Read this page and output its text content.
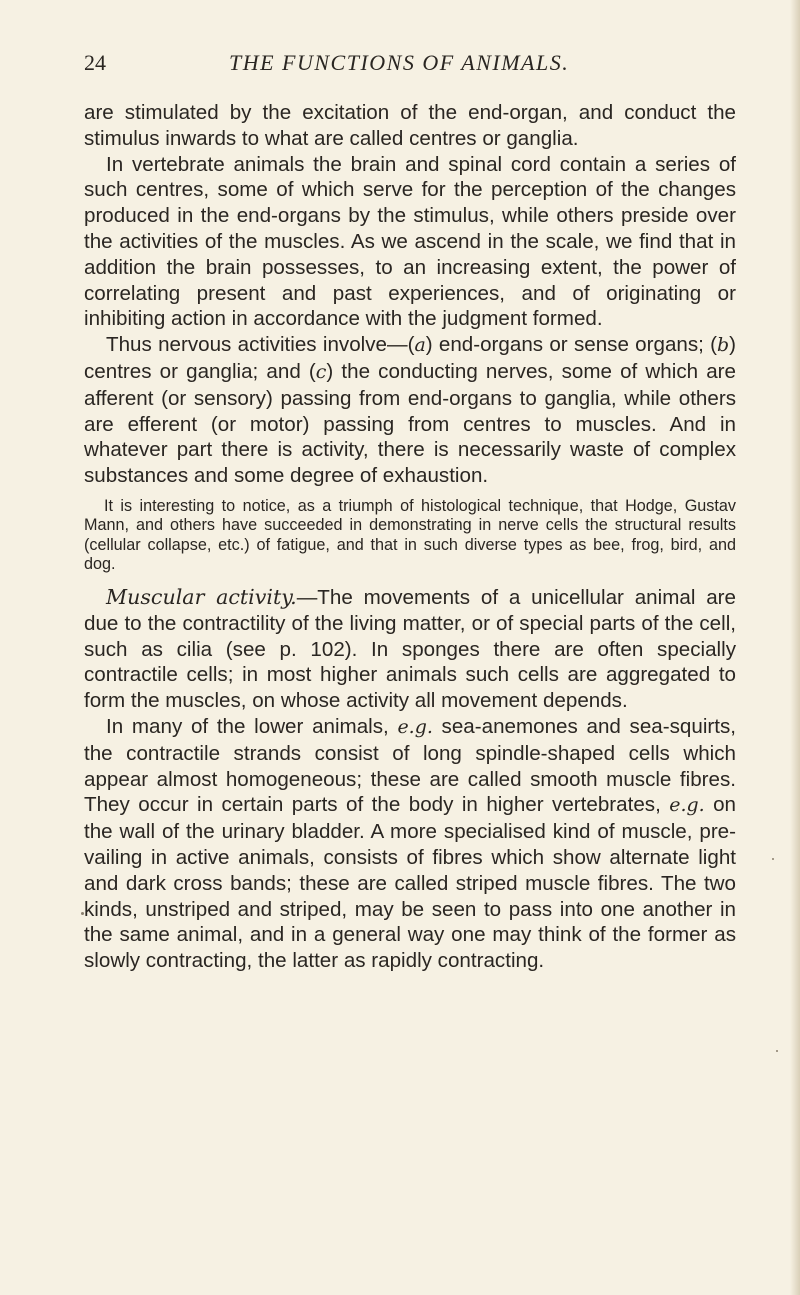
24	THE FUNCTIONS OF ANIMALS.

are stimulated by the excitation of the end-organ, and conduct the stimulus inwards to what are called centres or ganglia.

In vertebrate animals the brain and spinal cord contain a series of such centres, some of which serve for the perception of the changes produced in the end-organs by the stimulus, while others preside over the activities of the muscles. As we ascend in the scale, we find that in addition the brain possesses, to an increasing extent, the power of correlating present and past experiences, and of originating or inhibiting action in accordance with the judgment formed.

Thus nervous activities involve—(a) end-organs or sense organs; (b) centres or ganglia; and (c) the conducting nerves, some of which are afferent (or sensory) passing from end-organs to ganglia, while others are efferent (or motor) passing from centres to muscles. And in whatever part there is activity, there is necessarily waste of complex substances and some degree of exhaustion.

It is interesting to notice, as a triumph of histological technique, that Hodge, Gustav Mann, and others have succeeded in demonstrating in nerve cells the structural results (cellular collapse, etc.) of fatigue, and that in such diverse types as bee, frog, bird, and dog.

Muscular activity.—The movements of a unicellular animal are due to the contractility of the living matter, or of special parts of the cell, such as cilia (see p. 102). In sponges there are often specially contractile cells; in most higher animals such cells are aggregated to form the muscles, on whose activity all movement depends.

In many of the lower animals, e.g. sea-anemones and sea-squirts, the contractile strands consist of long spindle-shaped cells which appear almost homogeneous; these are called smooth muscle fibres. They occur in certain parts of the body in higher vertebrates, e.g. on the wall of the urinary bladder. A more specialised kind of muscle, prevailing in active animals, consists of fibres which show alternate light and dark cross bands; these are called striped muscle fibres. The two kinds, unstriped and striped, may be seen to pass into one another in the same animal, and in a general way one may think of the former as slowly contracting, the latter as rapidly contracting.
